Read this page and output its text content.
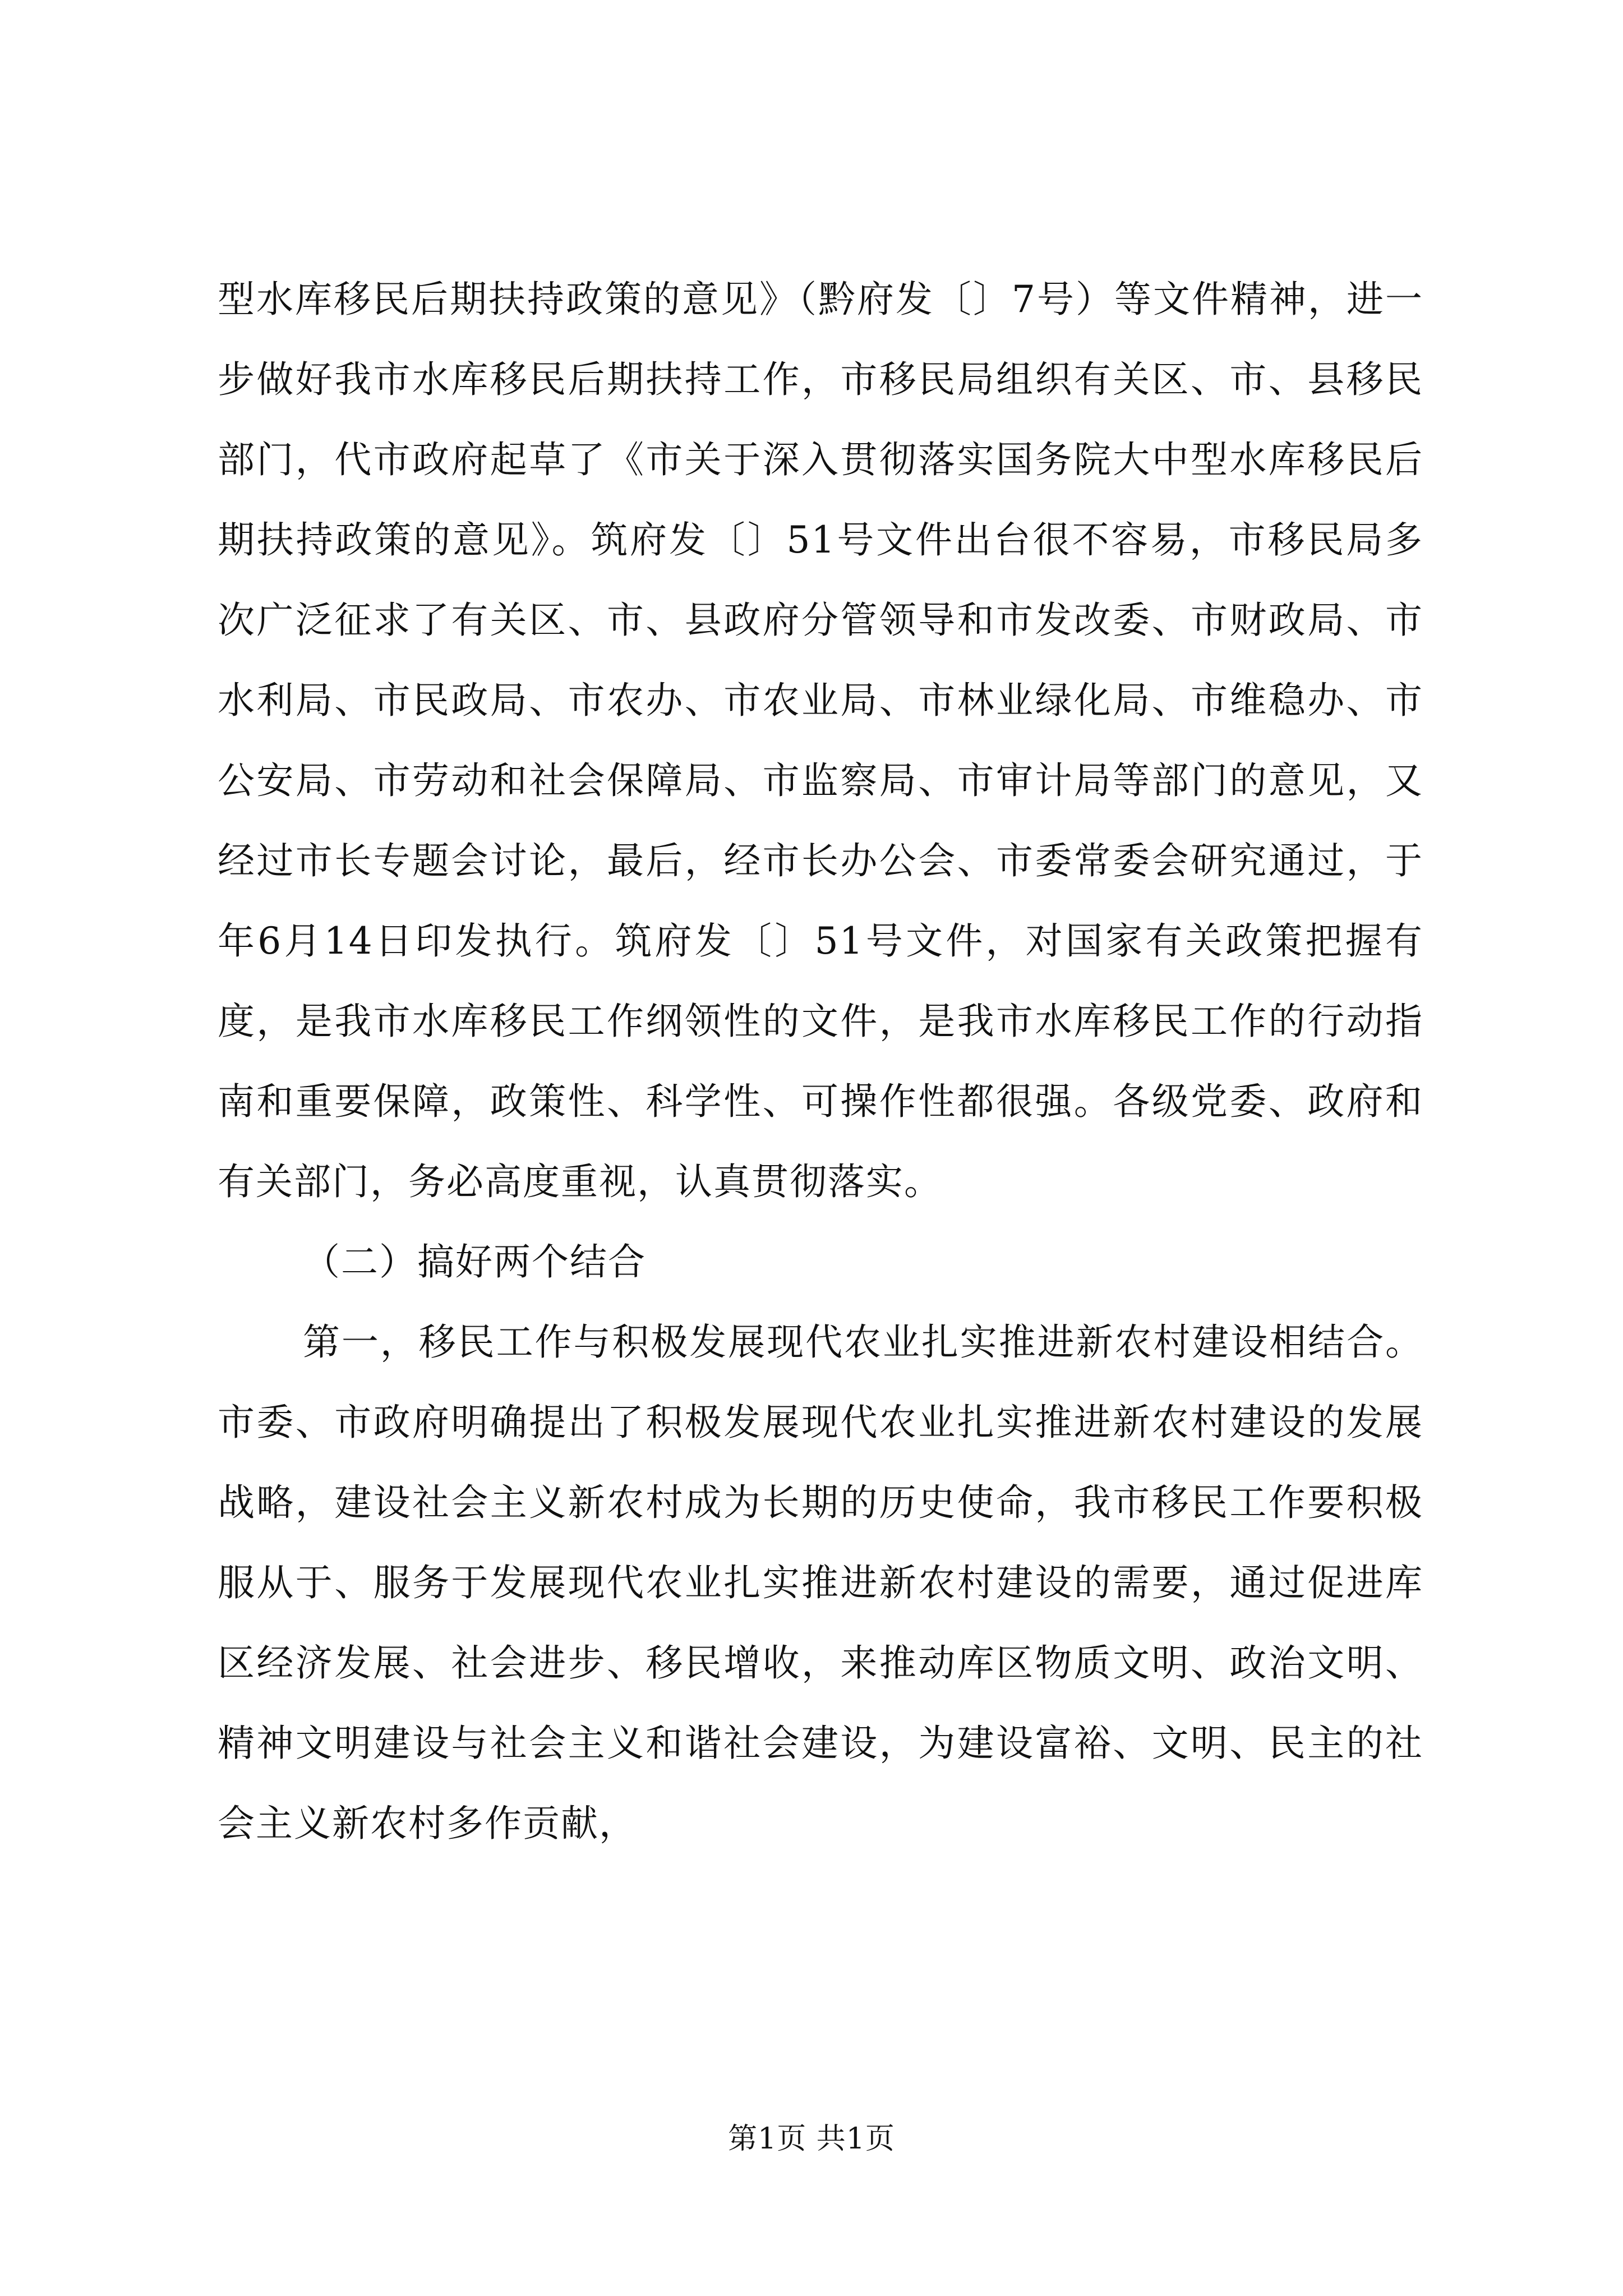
型水库移民后期扶持政策的意见》（黔府发〔〕7号）等文件精神，进一步做好我市水库移民后期扶持工作，市移民局组织有关区、市、县移民部门，代市政府起草了《市关于深入贯彻落实国务院大中型水库移民后期扶持政策的意见》。筑府发〔〕51号文件出台很不容易，市移民局多次广泛征求了有关区、市、县政府分管领导和市发改委、市财政局、市水利局、市民政局、市农办、市农业局、市林业绿化局、市维稳办、市公安局、市劳动和社会保障局、市监察局、市审计局等部门的意见，又经过市长专题会讨论，最后，经市长办公会、市委常委会研究通过，于年6月14日印发执行。筑府发〔〕51号文件，对国家有关政策把握有度，是我市水库移民工作纲领性的文件，是我市水库移民工作的行动指南和重要保障，政策性、科学性、可操作性都很强。各级党委、政府和有关部门，务必高度重视，认真贯彻落实。

（二）搞好两个结合

第一，移民工作与积极发展现代农业扎实推进新农村建设相结合。市委、市政府明确提出了积极发展现代农业扎实推进新农村建设的发展战略，建设社会主义新农村成为长期的历史使命，我市移民工作要积极服从于、服务于发展现代农业扎实推进新农村建设的需要，通过促进库区经济发展、社会进步、移民增收，来推动库区物质文明、政治文明、精神文明建设与社会主义和谐社会建设，为建设富裕、文明、民主的社会主义新农村多作贡献，

第1页 共1页
